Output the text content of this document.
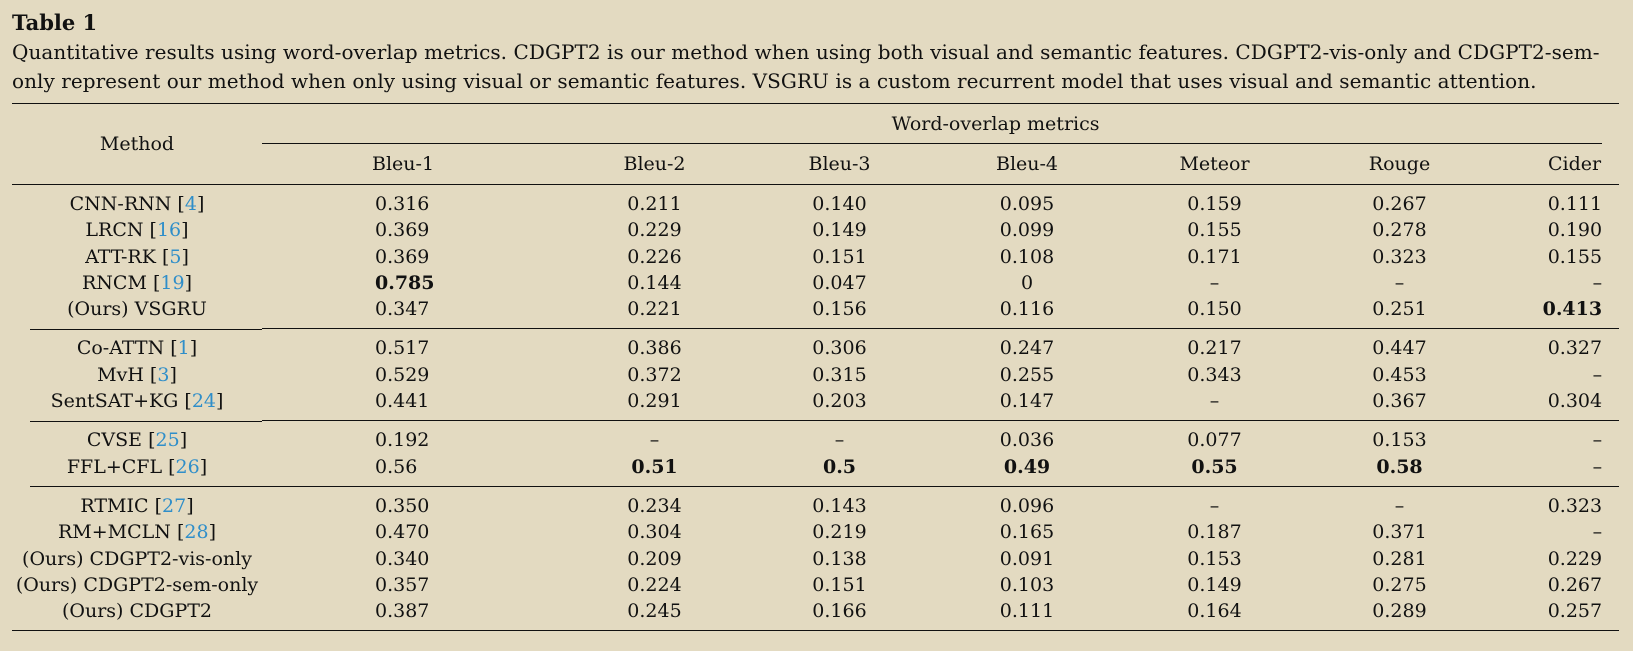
Table 1

Quantitative results using word-overlap metrics. CDGPT2 is our method when using both visual and semantic features. CDGPT2-vis-only and CDGPT2-sem-only represent our method when only using visual or semantic features. VSGRU is a custom recurrent model that uses visual and semantic attention.

Method		Word-overlap metrics						

		Bleu-1	Bleu-2	Bleu-3	Bleu-4	Meteor	Rouge	Cider
CNN-RNN [4]		0.316	0.211	0.140	0.095	0.159	0.267	0.111
LRCN [16]		0.369	0.229	0.149	0.099	0.155	0.278	0.190
ATT-RK [5]		0.369	0.226	0.151	0.108	0.171	0.323	0.155
RNCM [19]		0.785	0.144	0.047	0	–	–	–
(Ours) VSGRU		0.347	0.221	0.156	0.116	0.150	0.251	0.413
Co-ATTN [1]		0.517	0.386	0.306	0.247	0.217	0.447	0.327
MvH [3]		0.529	0.372	0.315	0.255	0.343	0.453	–
SentSAT+KG [24]		0.441	0.291	0.203	0.147	–	0.367	0.304
CVSE [25]		0.192	–	–	0.036	0.077	0.153	–
FFL+CFL [26]		0.56	0.51	0.5	0.49	0.55	0.58	–
RTMIC [27]		0.350	0.234	0.143	0.096	–	–	0.323
RM+MCLN [28]		0.470	0.304	0.219	0.165	0.187	0.371	–
(Ours) CDGPT2-vis-only		0.340	0.209	0.138	0.091	0.153	0.281	0.229
(Ours) CDGPT2-sem-only		0.357	0.224	0.151	0.103	0.149	0.275	0.267
(Ours) CDGPT2		0.387	0.245	0.166	0.111	0.164	0.289	0.257
